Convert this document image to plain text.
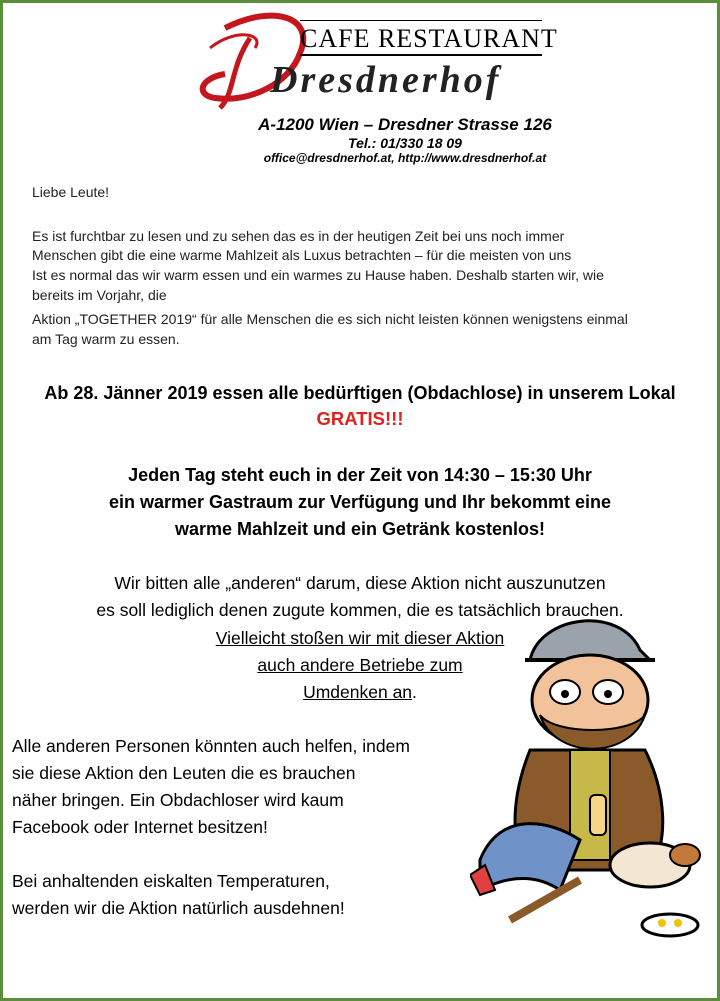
CAFE RESTAURANT
Dresdnerhof
A-1200 Wien – Dresdner Strasse 126
Tel.: 01/330 18 09
office@dresdnerhof.at, http://www.dresdnerhof.at

Liebe Leute!

Es ist furchtbar zu lesen und zu sehen das es in der heutigen Zeit bei uns noch immer

Menschen gibt die eine warme Mahlzeit als Luxus betrachten – für die meisten von uns

Ist es normal das wir warm essen und ein warmes zu Hause haben. Deshalb starten wir, wie

bereits im Vorjahr, die

Aktion „TOGETHER 2019“ für alle Menschen die es sich nicht leisten können wenigstens einmal

am Tag warm zu essen.

Ab 28. Jänner 2019 essen alle bedürftigen (Obdachlose) in unserem Lokal

GRATIS!!!

Jeden Tag steht euch in der Zeit von 14:30 – 15:30 Uhr

ein warmer Gastraum zur Verfügung und Ihr bekommt eine

warme Mahlzeit und ein Getränk kostenlos!

Wir bitten alle „anderen“ darum, diese Aktion nicht auszunutzen

es soll lediglich denen zugute kommen, die es tatsächlich brauchen.

Vielleicht stoßen wir mit dieser Aktion

auch andere Betriebe zum

Umdenken an.

Alle anderen Personen könnten auch helfen, indem

sie diese Aktion den Leuten die es brauchen

näher bringen. Ein Obdachloser wird kaum

Facebook oder Internet besitzen!

Bei anhaltenden eiskalten Temperaturen,

werden wir die Aktion natürlich ausdehnen!
